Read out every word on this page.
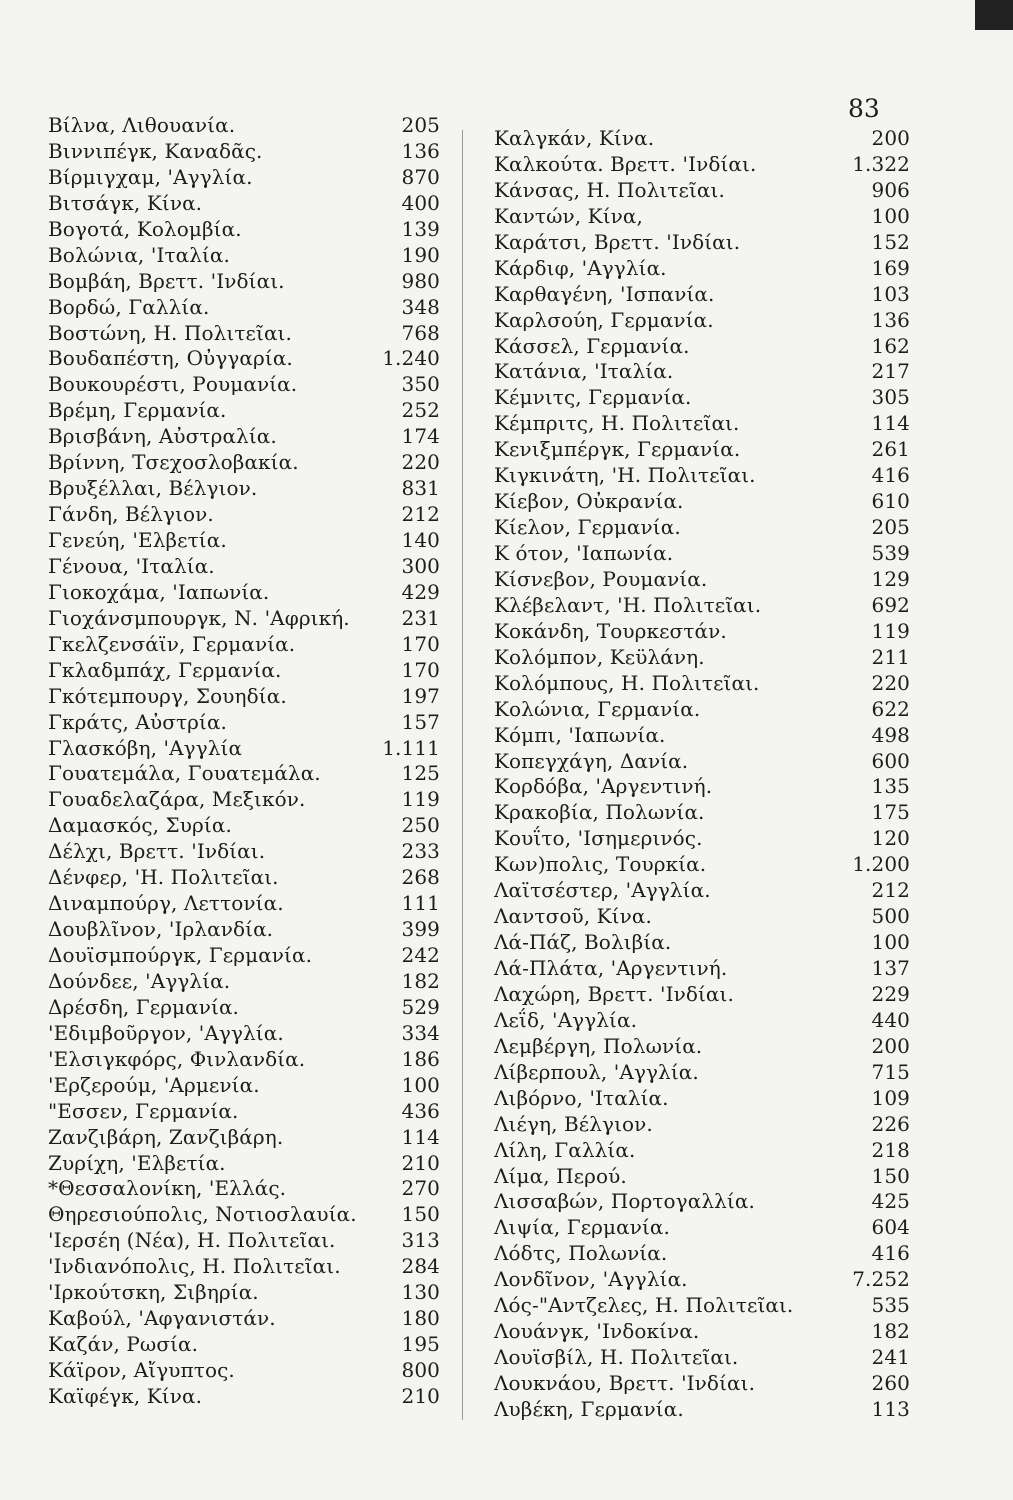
83
Βίλνα, Λιθουανία.	205
Βιννιπέγκ, Καναδᾶς.	136
Βίρμιγχαμ, 'Αγγλία.	870
Βιτσάγκ, Κίνα.	400
Βογοτά, Κολομβία.	139
Βολώνια, 'Ιταλία.	190
Βομβάη, Βρεττ. 'Ινδίαι.	980
Βορδώ, Γαλλία.	348
Βοστώνη, Η. Πολιτεῖαι.	768
Βουδαπέστη, Οὐγγαρία.	1.240
Βουκουρέστι, Ρουμανία.	350
Βρέμη, Γερμανία.	252
Βρισβάνη, Αὐστραλία.	174
Βρίννη, Τσεχοσλοβακία.	220
Βρυξέλλαι, Βέλγιον.	831
Γάνδη, Βέλγιον.	212
Γενεύη, 'Ελβετία.	140
Γένουα, 'Ιταλία.	300
Γιοκοχάμα, 'Ιαπωνία.	429
Γιοχάνσμπουργκ, Ν. 'Αφρική.	231
Γκελζενσάϊν, Γερμανία.	170
Γκλαδμπάχ, Γερμανία.	170
Γκότεμπουργ, Σουηδία.	197
Γκράτς, Αὐστρία.	157
Γλασκόβη, 'Αγγλία	1.111
Γουατεμάλα, Γουατεμάλα.	125
Γουαδελαζάρα, Μεξικόν.	119
Δαμασκός, Συρία.	250
Δέλχι, Βρεττ. 'Ινδίαι.	233
Δένφερ, 'Η. Πολιτεῖαι.	268
Διναμπούργ, Λεττονία.	111
Δουβλῖνον, 'Ιρλανδία.	399
Δουϊσμπούργκ, Γερμανία.	242
Δούνδεε, 'Αγγλία.	182
Δρέσδη, Γερμανία.	529
'Εδιμβοῦργον, 'Αγγλία.	334
'Ελσιγκφόρς, Φινλανδία.	186
'Ερζερούμ, 'Αρμενία.	100
"Εσσεν, Γερμανία.	436
Ζανζιβάρη, Ζανζιβάρη.	114
Ζυρίχη, 'Ελβετία.	210
*Θεσσαλονίκη, 'Ελλάς.	270
Θηρεσιούπολις, Νοτιοσλαυία.	150
'Ιερσέη (Νέα), Η. Πολιτεῖαι.	313
'Ινδιανόπολις, Η. Πολιτεῖαι.	284
'Ιρκούτσκη, Σιβηρία.	130
Καβούλ, 'Αφγανιστάν.	180
Καζάν, Ρωσία.	195
Κάϊρον, Αἴγυπτος.	800
Καϊφέγκ, Κίνα.	210
Καλγκάν, Κίνα.	200
Καλκούτα. Βρεττ. 'Ινδίαι.	1.322
Κάνσας, Η. Πολιτεῖαι.	906
Καντών, Κίνα,	100
Καράτσι, Βρεττ. 'Ινδίαι.	152
Κάρδιφ, 'Αγγλία.	169
Καρθαγένη, 'Ισπανία.	103
Καρλσούη, Γερμανία.	136
Κάσσελ, Γερμανία.	162
Κατάνια, 'Ιταλία.	217
Κέμνιτς, Γερμανία.	305
Κέμπριτς, Η. Πολιτεῖαι.	114
Κενιξμπέργκ, Γερμανία.	261
Κιγκινάτη, 'Η. Πολιτεῖαι.	416
Κίεβον, Οὐκρανία.	610
Κίελον, Γερμανία.	205
Κ ότον, 'Ιαπωνία.	539
Κίσνεβον, Ρουμανία.	129
Κλέβελαντ, 'Η. Πολιτεῖαι.	692
Κοκάνδη, Τουρκεστάν.	119
Κολόμπον, Κεϋλάνη.	211
Κολόμπους, Η. Πολιτεῖαι.	220
Κολώνια, Γερμανία.	622
Κόμπι, 'Ιαπωνία.	498
Κοπεγχάγη, Δανία.	600
Κορδόβα, 'Αργεντινή.	135
Κρακοβία, Πολωνία.	175
Κουΐτο, 'Ισημερινός.	120
Κων)πολις, Τουρκία.	1.200
Λαϊτσέστερ, 'Αγγλία.	212
Λαντσοῦ, Κίνα.	500
Λά-Πάζ, Βολιβία.	100
Λά-Πλάτα, 'Αργεντινή.	137
Λαχώρη, Βρεττ. 'Ινδίαι.	229
Λεΐδ, 'Αγγλία.	440
Λεμβέργη, Πολωνία.	200
Λίβερπουλ, 'Αγγλία.	715
Λιβόρνο, 'Ιταλία.	109
Λιέγη, Βέλγιον.	226
Λίλη, Γαλλία.	218
Λίμα, Περού.	150
Λισσαβών, Πορτογαλλία.	425
Λιψία, Γερμανία.	604
Λόδτς, Πολωνία.	416
Λονδῖνον, 'Αγγλία.	7.252
Λός-"Αντζελες, Η. Πολιτεῖαι.	535
Λουάνγκ, 'Ινδοκίνα.	182
Λουϊσβίλ, Η. Πολιτεῖαι.	241
Λουκνάου, Βρεττ. 'Ινδίαι.	260
Λυβέκη, Γερμανία.	113
